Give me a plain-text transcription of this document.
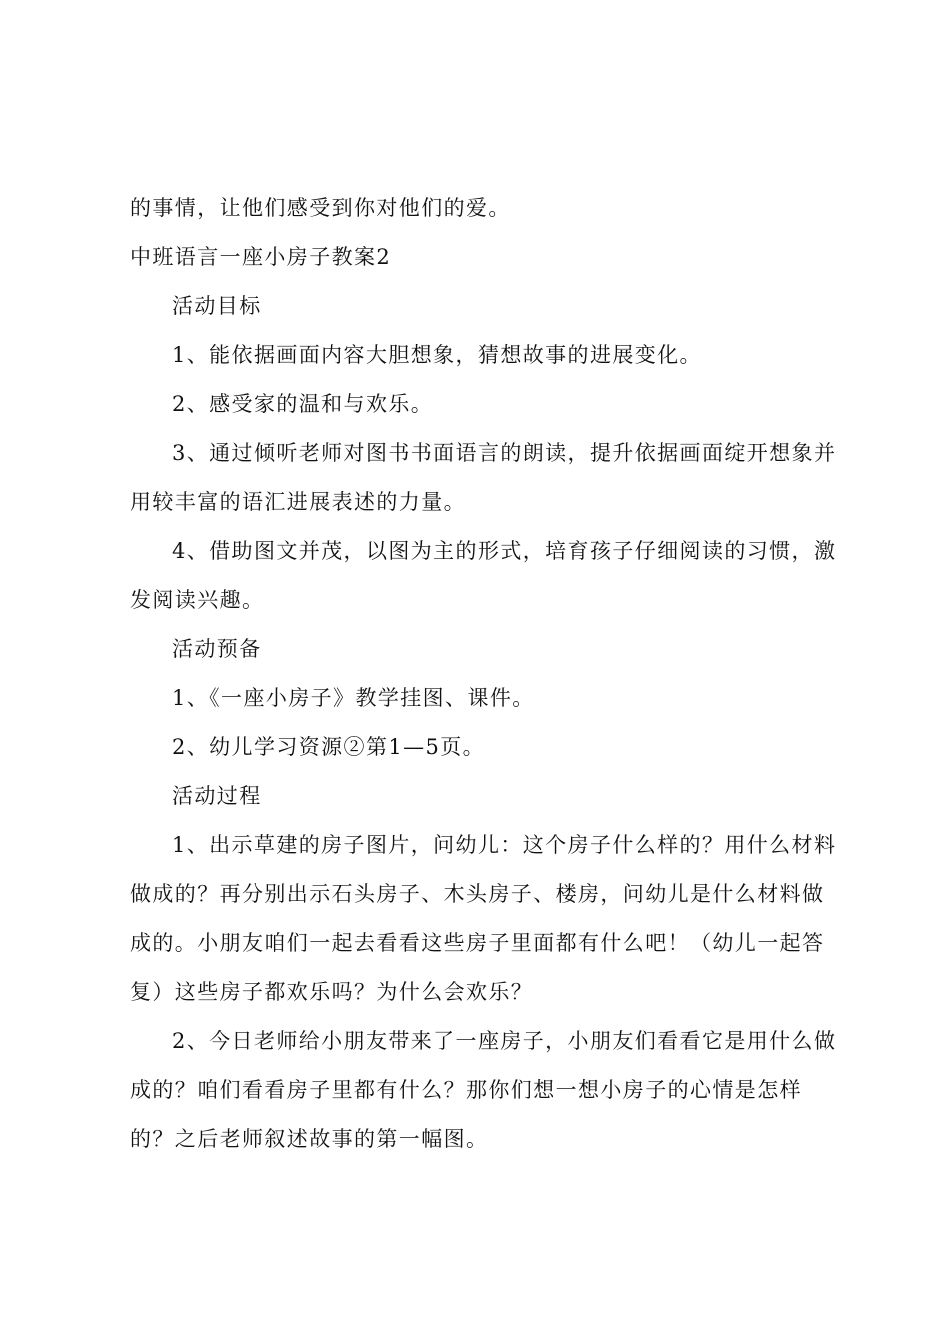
的事情，让他们感受到你对他们的爱。
中班语言一座小房子教案2
活动目标
1、能依据画面内容大胆想象，猜想故事的进展变化。
2、感受家的温和与欢乐。
3、通过倾听老师对图书书面语言的朗读，提升依据画面绽开想象并
用较丰富的语汇进展表述的力量。
4、借助图文并茂，以图为主的形式，培育孩子仔细阅读的习惯，激
发阅读兴趣。
活动预备
1、《一座小房子》教学挂图、课件。
2、幼儿学习资源②第1—5页。
活动过程
1、出示草建的房子图片，问幼儿：这个房子什么样的？用什么材料
做成的？再分别出示石头房子、木头房子、楼房，问幼儿是什么材料做
成的。小朋友咱们一起去看看这些房子里面都有什么吧！（幼儿一起答
复）这些房子都欢乐吗？为什么会欢乐？
2、今日老师给小朋友带来了一座房子，小朋友们看看它是用什么做
成的？咱们看看房子里都有什么？那你们想一想小房子的心情是怎样
的？之后老师叙述故事的第一幅图。
